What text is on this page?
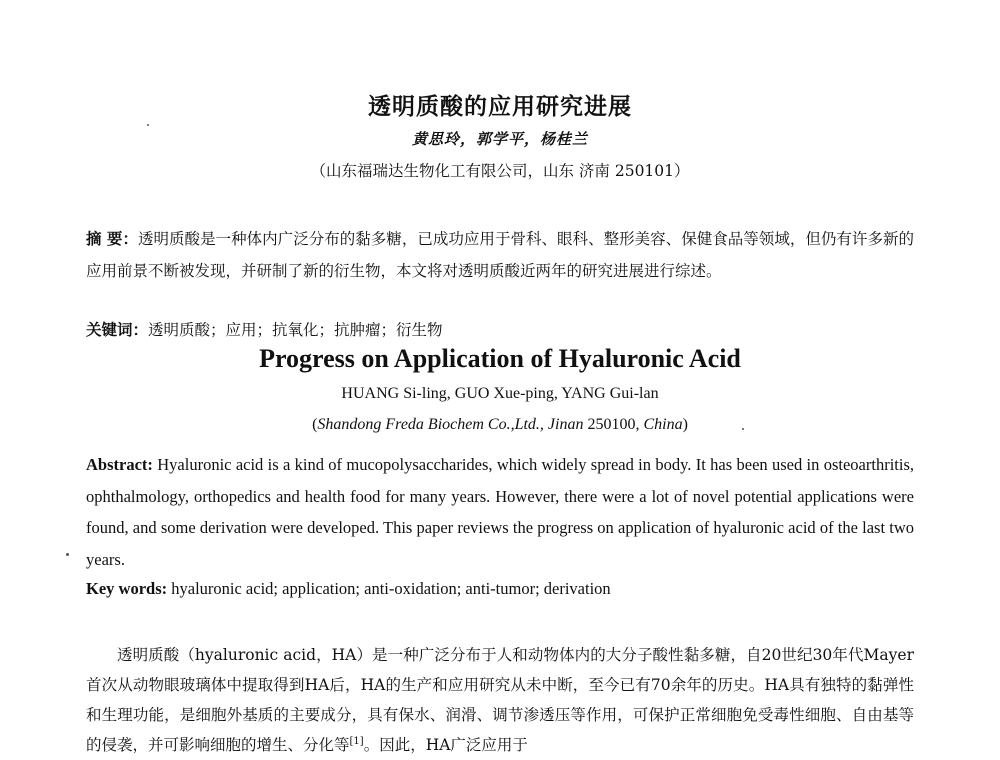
透明质酸的应用研究进展
黄思玲，郭学平，杨桂兰
（山东福瑞达生物化工有限公司，山东 济南 250101）
摘 要：透明质酸是一种体内广泛分布的黏多糖，已成功应用于骨科、眼科、整形美容、保健食品等领域，但仍有许多新的应用前景不断被发现，并研制了新的衍生物，本文将对透明质酸近两年的研究进展进行综述。
关键词：透明质酸；应用；抗氧化；抗肿瘤；衍生物
Progress on Application of Hyaluronic Acid
HUANG Si-ling, GUO Xue-ping, YANG Gui-lan
(Shandong Freda Biochem Co.,Ltd., Jinan 250100, China)
Abstract: Hyaluronic acid is a kind of mucopolysaccharides, which widely spread in body. It has been used in osteoarthritis, ophthalmology, orthopedics and health food for many years. However, there were a lot of novel potential applications were found, and some derivation were developed. This paper reviews the progress on application of hyaluronic acid of the last two years.
Key words: hyaluronic acid; application; anti-oxidation; anti-tumor; derivation
透明质酸（hyaluronic acid，HA）是一种广泛分布于人和动物体内的大分子酸性黏多糖，自20世纪30年代Mayer首次从动物眼玻璃体中提取得到HA后，HA的生产和应用研究从未中断，至今已有70余年的历史。HA具有独特的黏弹性和生理功能，是细胞外基质的主要成分，具有保水、润滑、调节渗透压等作用，可保护正常细胞免受毒性细胞、自由基等的侵袭，并可影响细胞的增生、分化等[1]。因此，HA广泛应用于
